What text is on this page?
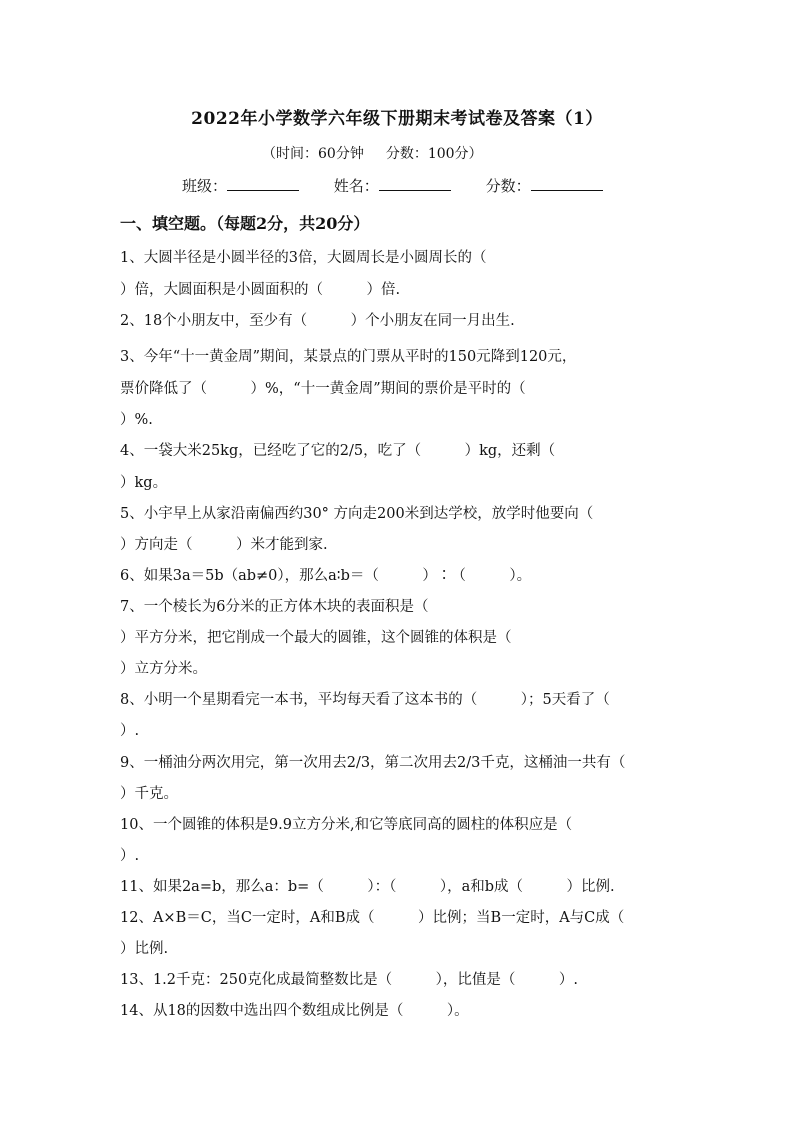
2022年小学数学六年级下册期末考试卷及答案（1）
（时间：60分钟 分数：100分）
班级：	姓名：	分数：
一、填空题。（每题2分，共20分）
1、大圆半径是小圆半径的3倍，大圆周长是小圆周长的（
）倍，大圆面积是小圆面积的（　　　）倍.
2、18个小朋友中，至少有（　　　）个小朋友在同一月出生.
3、今年“十一黄金周”期间，某景点的门票从平时的150元降到120元，
票价降低了（　　　）%，“十一黄金周”期间的票价是平时的（
）%.
4、一袋大米25kg，已经吃了它的2/5，吃了（　　　）kg，还剩（
）kg。
5、小宇早上从家沿南偏西约30° 方向走200米到达学校，放学时他要向（
）方向走（　　　）米才能到家.
6、如果3a＝5b（ab≠0），那么a∶b＝（　　　）∶（　　　）。
7、一个棱长为6分米的正方体木块的表面积是（
）平方分米，把它削成一个最大的圆锥，这个圆锥的体积是（
）立方分米。
8、小明一个星期看完一本书，平均每天看了这本书的（　　　）；5天看了（
）.
9、一桶油分两次用完，第一次用去2/3，第二次用去2/3千克，这桶油一共有（
）千克。
10、一个圆锥的体积是9.9立方分米,和它等底同高的圆柱的体积应是（
）.
11、如果2a=b，那么a：b=（　　　）：（　　　），a和b成（　　　）比例.
12、A×B＝C，当C一定时，A和B成（　　　）比例；当B一定时，A与C成（
）比例.
13、1.2千克：250克化成最简整数比是（　　　），比值是（　　　）.
14、从18的因数中选出四个数组成比例是（　　　）。
